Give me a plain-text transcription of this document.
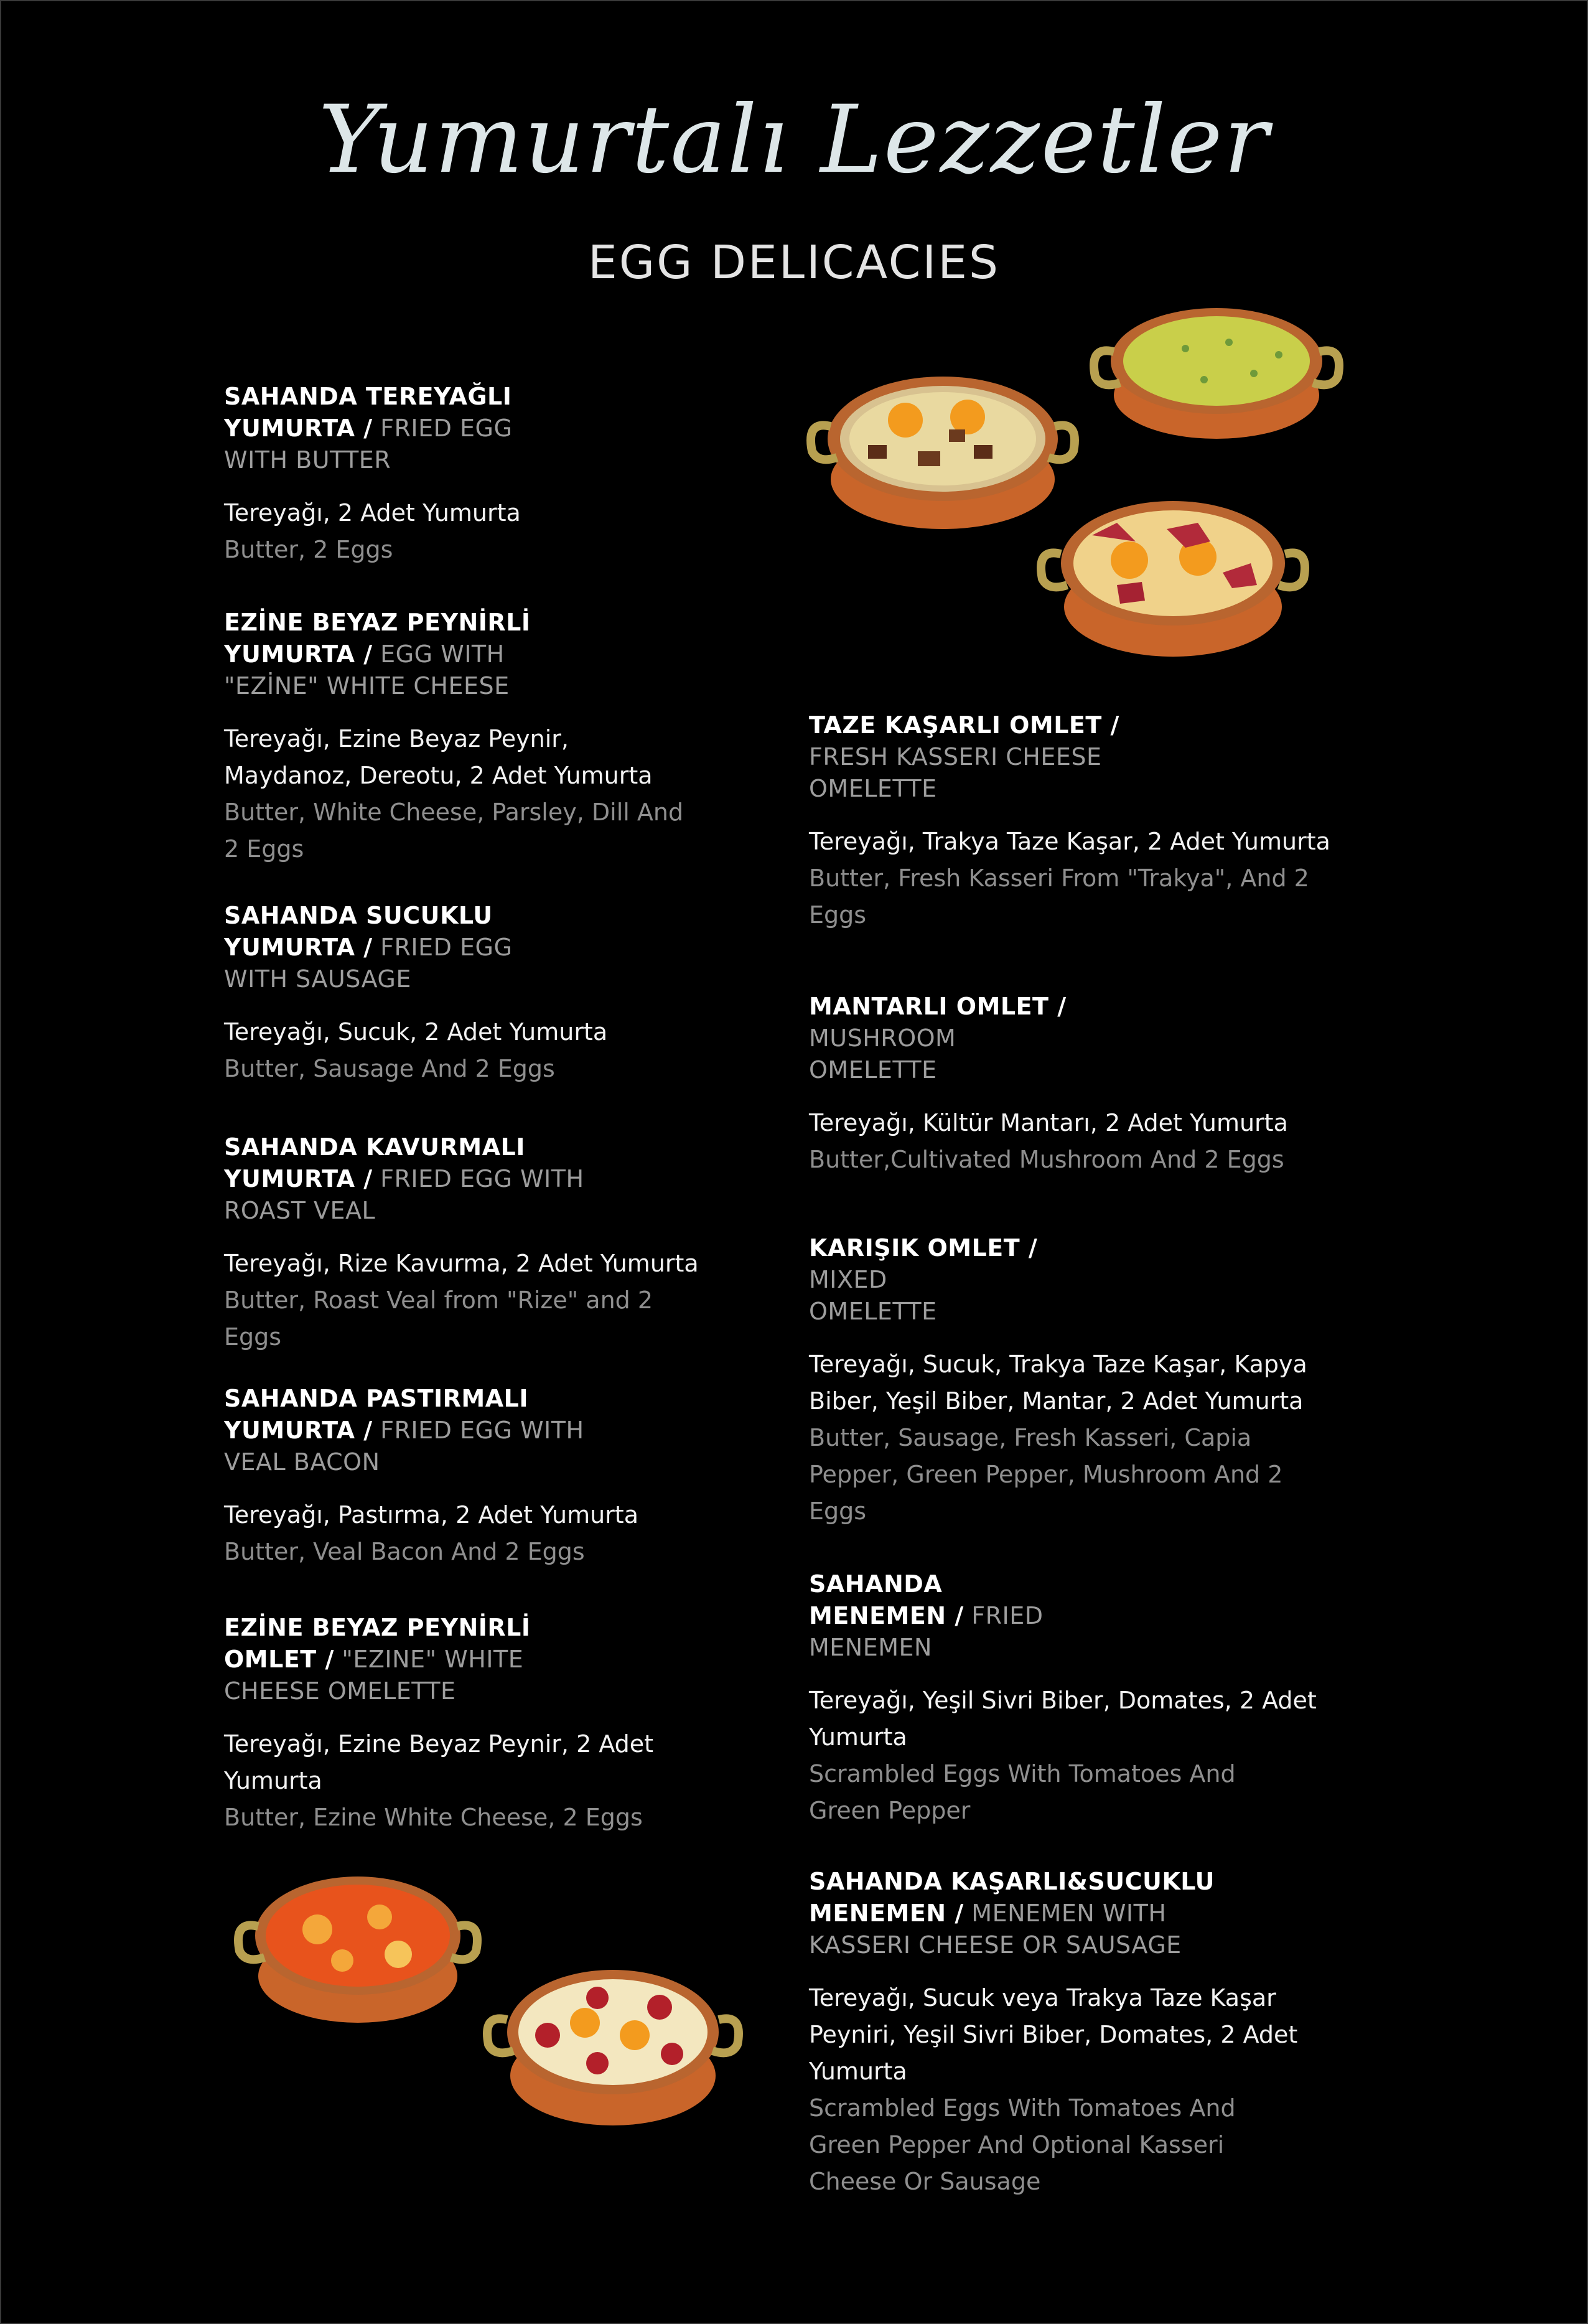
Yumurtalı Lezzetler
EGG DELICACIES
SAHANDA TEREYAĞLI
YUMURTA / FRIED EGG
WITH BUTTER
Tereyağı, 2 Adet Yumurta
Butter, 2 Eggs
EZİNE BEYAZ PEYNİRLİ
YUMURTA / EGG WITH
"EZİNE" WHITE CHEESE
Tereyağı, Ezine Beyaz Peynir,
Maydanoz, Dereotu, 2 Adet Yumurta
Butter, White Cheese, Parsley, Dill And
2 Eggs
SAHANDA SUCUKLU
YUMURTA / FRIED EGG
WITH SAUSAGE
Tereyağı, Sucuk, 2 Adet Yumurta
Butter, Sausage And 2 Eggs
SAHANDA KAVURMALI
YUMURTA / FRIED EGG WITH
ROAST VEAL
Tereyağı, Rize Kavurma, 2 Adet Yumurta
Butter, Roast Veal from "Rize" and 2
Eggs
SAHANDA PASTIRMALI
YUMURTA / FRIED EGG WITH
VEAL BACON
Tereyağı, Pastırma, 2 Adet Yumurta
Butter, Veal Bacon And 2 Eggs
EZİNE BEYAZ PEYNİRLİ
OMLET / "EZINE" WHITE
CHEESE OMELETTE
Tereyağı, Ezine Beyaz Peynir, 2 Adet
Yumurta
Butter, Ezine White Cheese, 2 Eggs
TAZE KAŞARLI OMLET /
FRESH KASSERI CHEESE
OMELETTE
Tereyağı, Trakya Taze Kaşar, 2 Adet Yumurta
Butter, Fresh Kasseri From "Trakya", And 2
Eggs
MANTARLI OMLET /
MUSHROOM
OMELETTE
Tereyağı, Kültür Mantarı, 2 Adet Yumurta
Butter,Cultivated Mushroom And 2 Eggs
KARIŞIK OMLET /
MIXED
OMELETTE
Tereyağı, Sucuk, Trakya Taze Kaşar, Kapya
Biber, Yeşil Biber, Mantar, 2 Adet Yumurta
Butter, Sausage, Fresh Kasseri, Capia
Pepper, Green Pepper, Mushroom And 2
Eggs
SAHANDA
MENEMEN / FRIED
MENEMEN
Tereyağı, Yeşil Sivri Biber, Domates, 2 Adet
Yumurta
Scrambled Eggs With Tomatoes And
Green Pepper
SAHANDA KAŞARLI&SUCUKLU
MENEMEN / MENEMEN WITH
KASSERI CHEESE OR SAUSAGE
Tereyağı, Sucuk veya Trakya Taze Kaşar
Peyniri, Yeşil Sivri Biber, Domates, 2 Adet
Yumurta
Scrambled Eggs With Tomatoes And
Green Pepper And Optional Kasseri
Cheese Or Sausage
